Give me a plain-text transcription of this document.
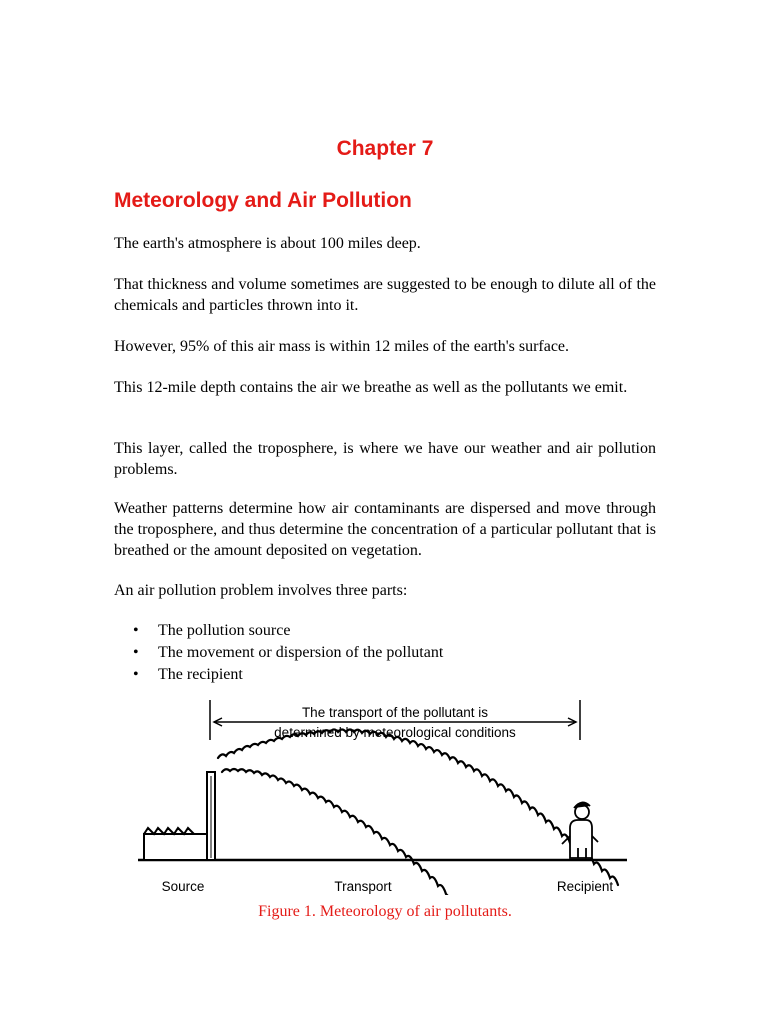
Chapter 7
Meteorology and Air Pollution

The earth's atmosphere is about 100 miles deep.

That thickness and volume sometimes are suggested to be enough to dilute all of the chemicals and particles thrown into it.

However, 95% of this air mass is within 12 miles of the earth's surface.

This 12-mile depth contains the air we breathe as well as the pollutants we emit.

This layer, called the troposphere, is where we have our weather and air pollution problems.

Weather patterns determine how air contaminants are dispersed and move through the troposphere, and thus determine the concentration of a particular pollutant that is breathed or the amount deposited on vegetation.

An air pollution problem involves three parts:

• The pollution source
• The movement or dispersion of the pollutant
• The recipient
The transport of the pollutant is
determined by meteorological conditions
Source	Transport	Recipient

Figure 1. Meteorology of air pollutants.
